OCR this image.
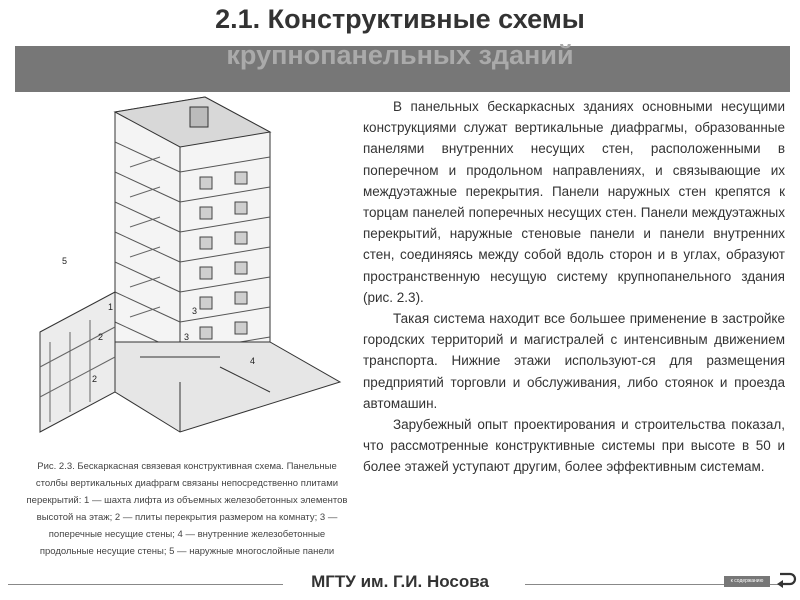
2.1. Конструктивные схемы
крупнопанельных зданий
5
1	3
4
2	3
2
Рис. 2.3. Бескаркасная связевая конструктивная схема. Панельные столбы вертикальных диафрагм связаны непосредственно плитами перекрытий: 1 — шахта лифта из объемных железобетонных элементов высотой на этаж; 2 — плиты перекрытия размером на комнату; 3 — поперечные несущие стены; 4 — внутренние железобетонные продольные несущие стены; 5 — наружные многослойные панели

В панельных бескаркасных зданиях основными несущими конструкциями служат вертикальные диафрагмы, образованные панелями внутренних несущих стен, расположенными в поперечном и продольном направлениях, и связывающие их междуэтажные перекрытия. Панели наружных стен крепятся к торцам панелей поперечных несущих стен. Панели междуэтажных перекрытий, наружные стеновые панели и панели внутренних стен, соединяясь между собой вдоль сторон и в углах, образуют пространственную несущую систему крупнопанельного здания (рис. 2.3).

Такая система находит все большее применение в застройке городских территорий и магистралей с интенсивным движением транспорта. Нижние этажи используют-ся для размещения предприятий торговли и обслуживания, либо стоянок и проезда автомашин.

Зарубежный опыт проектирования и строительства показал, что рассмотренные конструктивные системы при высоте в 50 и более этажей уступают другим, более эффективным системам.

МГТУ им. Г.И. Носова	к содержанию
